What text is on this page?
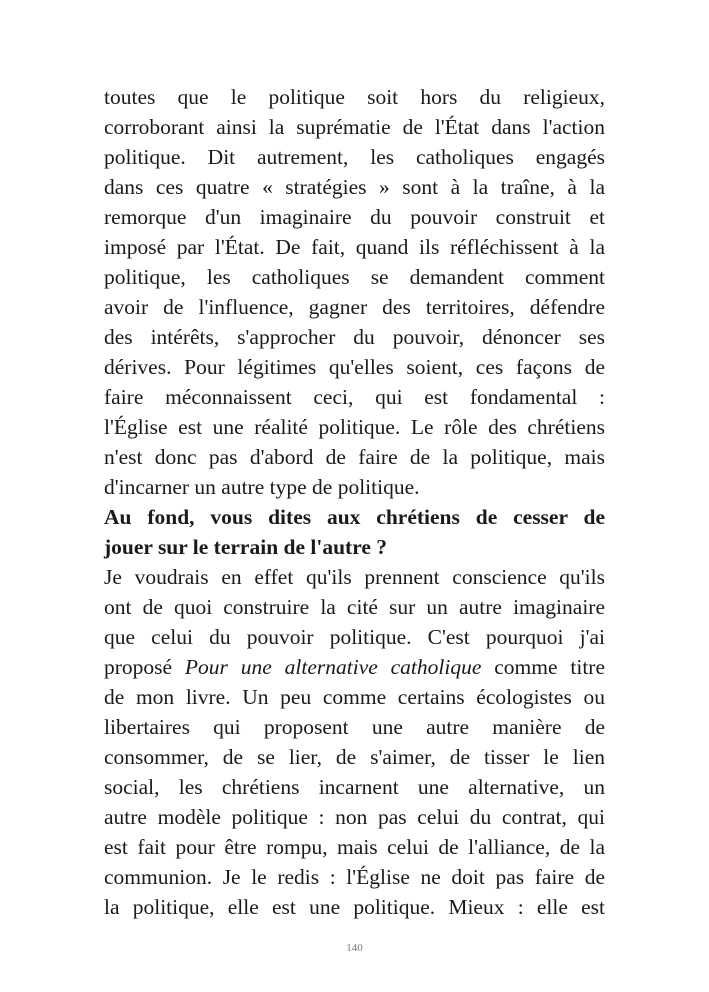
toutes que le politique soit hors du religieux,
corroborant ainsi la suprématie de l'État dans l'action
politique. Dit autrement, les catholiques engagés
dans ces quatre « stratégies » sont à la traîne, à la
remorque d'un imaginaire du pouvoir construit et
imposé par l'État. De fait, quand ils réfléchissent à la
politique, les catholiques se demandent comment
avoir de l'influence, gagner des territoires, défendre
des intérêts, s'approcher du pouvoir, dénoncer ses
dérives. Pour légitimes qu'elles soient, ces façons de
faire méconnaissent ceci, qui est fondamental :
l'Église est une réalité politique. Le rôle des chrétiens
n'est donc pas d'abord de faire de la politique, mais
d'incarner un autre type de politique.
Au fond, vous dites aux chrétiens de cesser de
jouer sur le terrain de l'autre ?
Je voudrais en effet qu'ils prennent conscience qu'ils
ont de quoi construire la cité sur un autre imaginaire
que celui du pouvoir politique. C'est pourquoi j'ai
proposé Pour une alternative catholique comme titre
de mon livre. Un peu comme certains écologistes ou
libertaires qui proposent une autre manière de
consommer, de se lier, de s'aimer, de tisser le lien
social, les chrétiens incarnent une alternative, un
autre modèle politique : non pas celui du contrat, qui
est fait pour être rompu, mais celui de l'alliance, de la
communion. Je le redis : l'Église ne doit pas faire de
la politique, elle est une politique. Mieux : elle est
140
